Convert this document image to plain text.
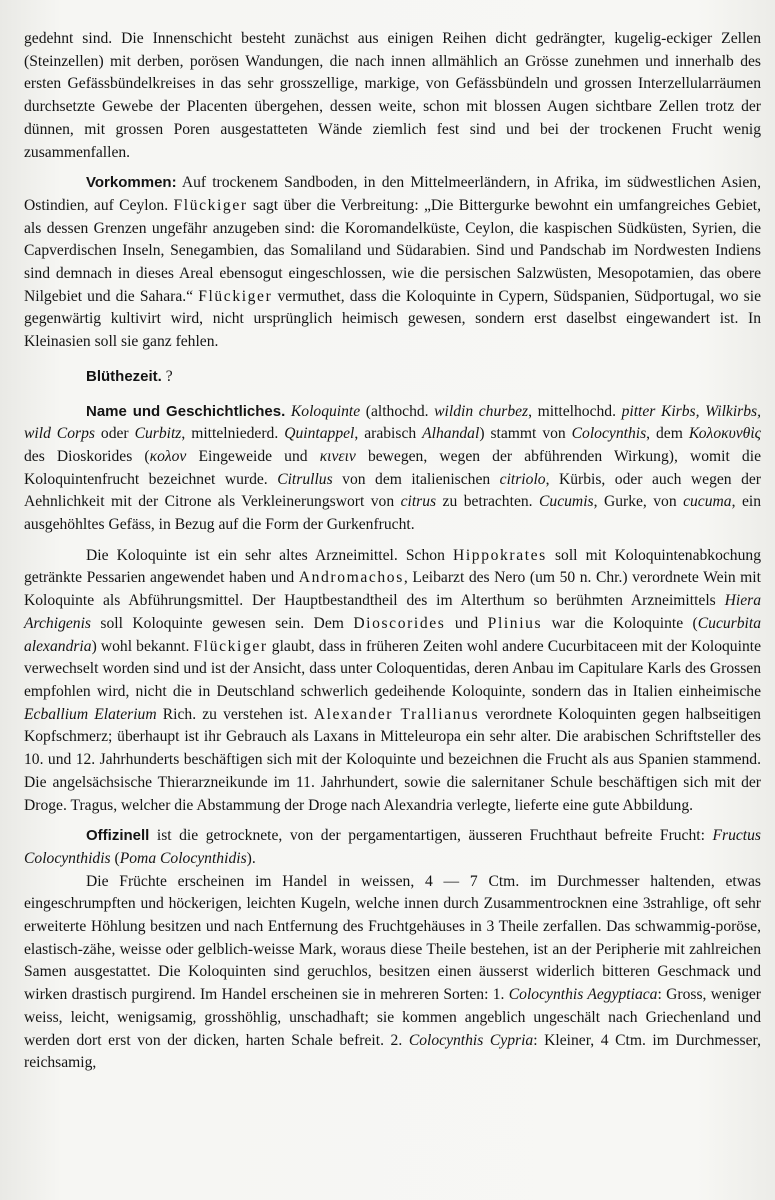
gedehnt sind. Die Innenschicht besteht zunächst aus einigen Reihen dicht gedrängter, kugelig-eckiger Zellen (Steinzellen) mit derben, porösen Wandungen, die nach innen allmählich an Grösse zunehmen und innerhalb des ersten Gefässbündelkreises in das sehr grosszellige, markige, von Gefässbündeln und grossen Interzellularräumen durchsetzte Gewebe der Placenten übergehen, dessen weite, schon mit blossen Augen sichtbare Zellen trotz der dünnen, mit grossen Poren ausgestatteten Wände ziemlich fest sind und bei der trockenen Frucht wenig zusammenfallen.

Vorkommen: Auf trockenem Sandboden, in den Mittelmeerländern, in Afrika, im südwestlichen Asien, Ostindien, auf Ceylon. Flückiger sagt über die Verbreitung: „Die Bittergurke bewohnt ein umfangreiches Gebiet, als dessen Grenzen ungefähr anzugeben sind: die Koromandelküste, Ceylon, die kaspischen Südküsten, Syrien, die Capverdischen Inseln, Senegambien, das Somaliland und Südarabien. Sind und Pandschab im Nordwesten Indiens sind demnach in dieses Areal ebensogut eingeschlossen, wie die persischen Salzwüsten, Mesopotamien, das obere Nilgebiet und die Sahara.“ Flückiger vermuthet, dass die Koloquinte in Cypern, Südspanien, Südportugal, wo sie gegenwärtig kultivirt wird, nicht ursprünglich heimisch gewesen, sondern erst daselbst eingewandert ist. In Kleinasien soll sie ganz fehlen.

Blüthezeit. ?

Name und Geschichtliches. Koloquinte (althochd. wildin churbez, mittelhochd. pitter Kirbs, Wilkirbs, wild Corps oder Curbitz, mittelniederd. Quintappel, arabisch Alhandal) stammt von Colocynthis, dem Κολοκυνθὶς des Dioskorides (κολον Eingeweide und κινειν bewegen, wegen der abführenden Wirkung), womit die Koloquintenfrucht bezeichnet wurde. Citrullus von dem italienischen citriolo, Kürbis, oder auch wegen der Aehnlichkeit mit der Citrone als Verkleinerungswort von citrus zu betrachten. Cucumis, Gurke, von cucuma, ein ausgehöhltes Gefäss, in Bezug auf die Form der Gurkenfrucht.

Die Koloquinte ist ein sehr altes Arzneimittel. Schon Hippokrates soll mit Koloquintenabkochung getränkte Pessarien angewendet haben und Andromachos, Leibarzt des Nero (um 50 n. Chr.) verordnete Wein mit Koloquinte als Abführungsmittel. Der Hauptbestandtheil des im Alterthum so berühmten Arzneimittels Hiera Archigenis soll Koloquinte gewesen sein. Dem Dioscorides und Plinius war die Koloquinte (Cucurbita alexandria) wohl bekannt. Flückiger glaubt, dass in früheren Zeiten wohl andere Cucurbitaceen mit der Koloquinte verwechselt worden sind und ist der Ansicht, dass unter Coloquentidas, deren Anbau im Capitulare Karls des Grossen empfohlen wird, nicht die in Deutschland schwerlich gedeihende Koloquinte, sondern das in Italien einheimische Ecballium Elaterium Rich. zu verstehen ist. Alexander Trallianus verordnete Koloquinten gegen halbseitigen Kopfschmerz; überhaupt ist ihr Gebrauch als Laxans in Mitteleuropa ein sehr alter. Die arabischen Schriftsteller des 10. und 12. Jahrhunderts beschäftigen sich mit der Koloquinte und bezeichnen die Frucht als aus Spanien stammend. Die angelsächsische Thierarzneikunde im 11. Jahrhundert, sowie die salernitaner Schule beschäftigen sich mit der Droge. Tragus, welcher die Abstammung der Droge nach Alexandria verlegte, lieferte eine gute Abbildung.

Offizinell ist die getrocknete, von der pergamentartigen, äusseren Fruchthaut befreite Frucht: Fructus Colocynthidis (Poma Colocynthidis).

Die Früchte erscheinen im Handel in weissen, 4 — 7 Ctm. im Durchmesser haltenden, etwas eingeschrumpften und höckerigen, leichten Kugeln, welche innen durch Zusammentrocknen eine 3strahlige, oft sehr erweiterte Höhlung besitzen und nach Entfernung des Fruchtgehäuses in 3 Theile zerfallen. Das schwammig-poröse, elastisch-zähe, weisse oder gelblich-weisse Mark, woraus diese Theile bestehen, ist an der Peripherie mit zahlreichen Samen ausgestattet. Die Koloquinten sind geruchlos, besitzen einen äusserst widerlich bitteren Geschmack und wirken drastisch purgirend. Im Handel erscheinen sie in mehreren Sorten: 1. Colocynthis Aegyptiaca: Gross, weniger weiss, leicht, wenigsamig, grosshöhlig, unschadhaft; sie kommen angeblich ungeschält nach Griechenland und werden dort erst von der dicken, harten Schale befreit. 2. Colocynthis Cypria: Kleiner, 4 Ctm. im Durchmesser, reichsamig,
